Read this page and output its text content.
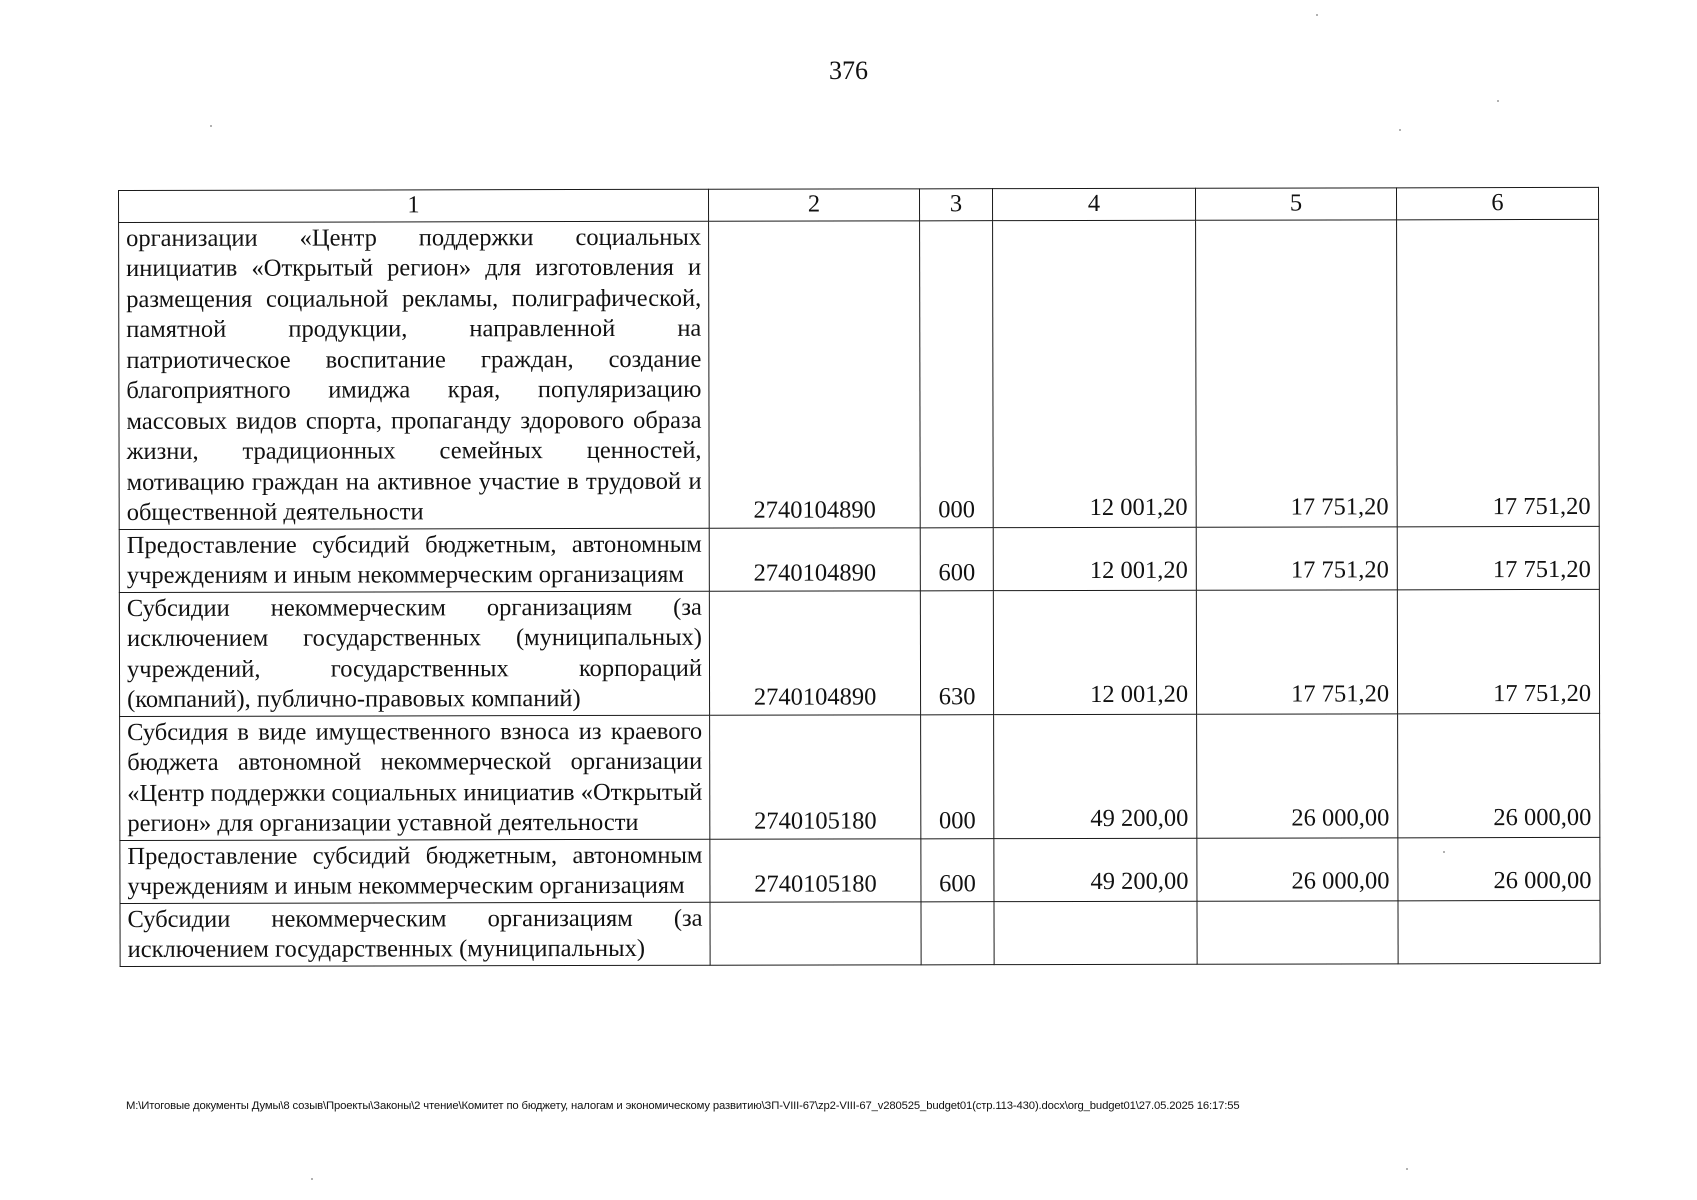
376
1	2	3	4	5	6
организации «Центр поддержки социальных инициатив «Открытый регион» для изготовления и размещения социальной рекламы, полиграфической, памятной продукции, направленной на патриотическое воспитание граждан, создание благоприятного имиджа края, популяризацию массовых видов спорта, пропаганду здорового образа жизни, традиционных семейных ценностей, мотивацию граждан на активное участие в трудовой и общественной деятельности	2740104890	000	12 001,20	17 751,20	17 751,20
Предоставление субсидий бюджетным, автономным учреждениям и иным некоммерческим организациям	2740104890	600	12 001,20	17 751,20	17 751,20
Субсидии некоммерческим организациям (за исключением государственных (муниципальных) учреждений, государственных корпораций (компаний), публично-правовых компаний)	2740104890	630	12 001,20	17 751,20	17 751,20
Субсидия в виде имущественного взноса из краевого бюджета автономной некоммерческой организации «Центр поддержки социальных инициатив «Открытый регион» для организации уставной деятельности	2740105180	000	49 200,00	26 000,00	26 000,00
Предоставление субсидий бюджетным, автономным учреждениям и иным некоммерческим организациям	2740105180	600	49 200,00	26 000,00	26 000,00
Субсидии некоммерческим организациям (за исключением государственных (муниципальных)					
М:\Итоговые документы Думы\8 созыв\Проекты\Законы\2 чтение\Комитет по бюджету, налогам и экономическому развитию\ЗП-VIII-67\zp2-VIII-67_v280525_budget01(стр.113-430).docx\org_budget01\27.05.2025 16:17:55
